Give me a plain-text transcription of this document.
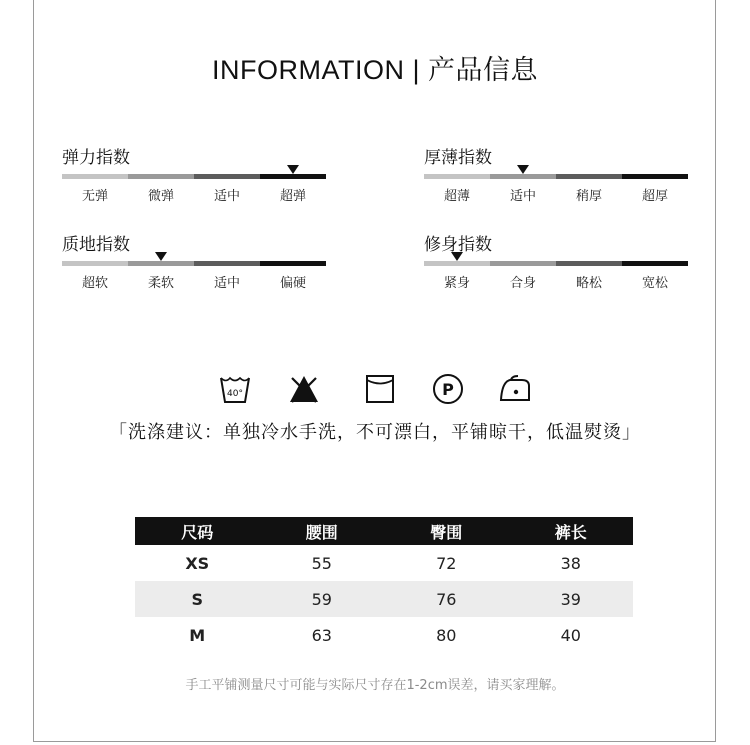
INFORMATION | 产品信息
弹力指数
无弹	微弹	适中	超弹
厚薄指数
超薄	适中	稍厚	超厚
质地指数
超软	柔软	适中	偏硬
修身指数
紧身	合身	略松	宽松
40°	P
「洗涤建议：单独冷水手洗，不可漂白，平铺晾干，低温熨烫」
尺码	腰围	臀围	裤长
XS	55	72	38
S	59	76	39
M	63	80	40
手工平铺测量尺寸可能与实际尺寸存在1-2cm误差，请买家理解。
